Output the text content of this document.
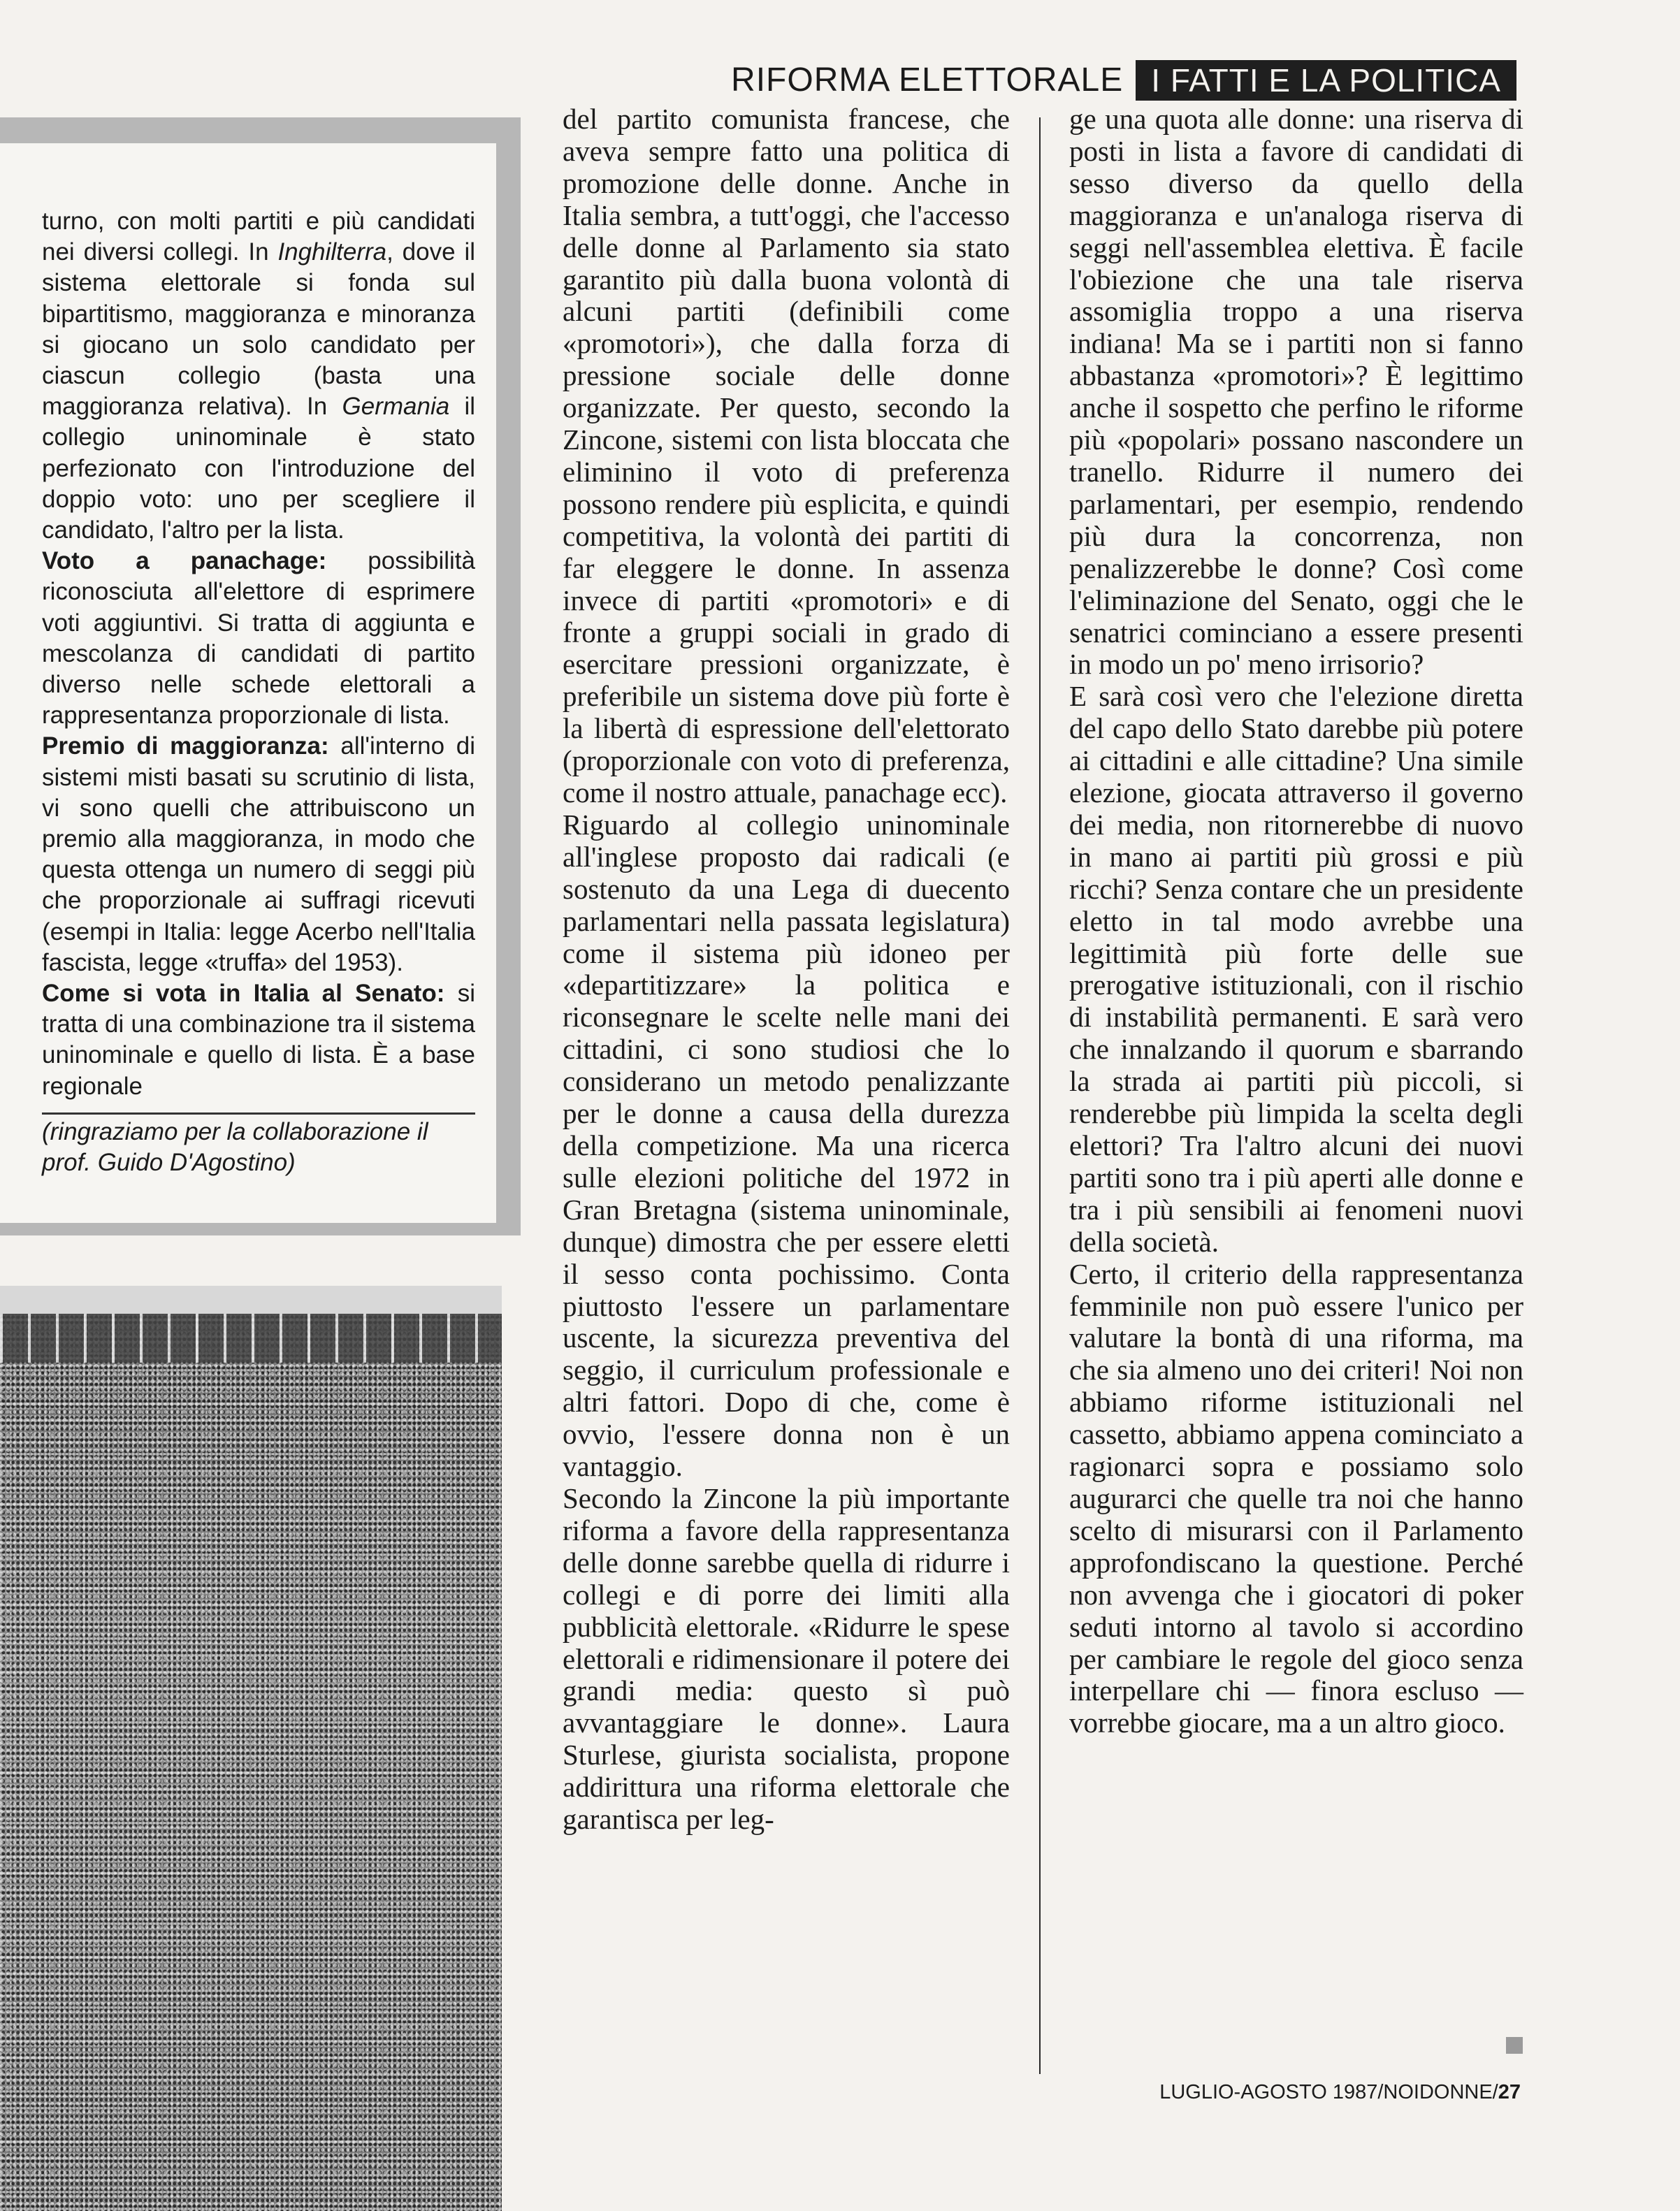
RIFORMA ELETTORALE I FATTI E LA POLITICA

turno, con molti partiti e più candidati nei diversi collegi. In Inghilterra, dove il sistema elettorale si fonda sul bipartitismo, maggioranza e minoranza si giocano un solo candidato per ciascun collegio (basta una maggioranza relativa). In Germania il collegio uninominale è stato perfezionato con l'introduzione del doppio voto: uno per scegliere il candidato, l'altro per la lista.

Voto a panachage: possibilità riconosciuta all'elettore di esprimere voti aggiuntivi. Si tratta di aggiunta e mescolanza di candidati di partito diverso nelle schede elettorali a rappresentanza proporzionale di lista.

Premio di maggioranza: all'interno di sistemi misti basati su scrutinio di lista, vi sono quelli che attribuiscono un premio alla maggioranza, in modo che questa ottenga un numero di seggi più che proporzionale ai suffragi ricevuti (esempi in Italia: legge Acerbo nell'Italia fascista, legge «truffa» del 1953).

Come si vota in Italia al Senato: si tratta di una combinazione tra il sistema uninominale e quello di lista. È a base regionale

(ringraziamo per la collaborazione il prof. Guido D'Agostino)

del partito comunista francese, che aveva sempre fatto una politica di promozione delle donne. Anche in Italia sembra, a tutt'oggi, che l'accesso delle donne al Parlamento sia stato garantito più dalla buona volontà di alcuni partiti (definibili come «promotori»), che dalla forza di pressione sociale delle donne organizzate. Per questo, secondo la Zincone, sistemi con lista bloccata che eliminino il voto di preferenza possono rendere più esplicita, e quindi competitiva, la volontà dei partiti di far eleggere le donne. In assenza invece di partiti «promotori» e di fronte a gruppi sociali in grado di esercitare pressioni organizzate, è preferibile un sistema dove più forte è la libertà di espressione dell'elettorato (proporzionale con voto di preferenza, come il nostro attuale, panachage ecc).

Riguardo al collegio uninominale all'inglese proposto dai radicali (e sostenuto da una Lega di duecento parlamentari nella passata legislatura) come il sistema più idoneo per «departitizzare» la politica e riconsegnare le scelte nelle mani dei cittadini, ci sono studiosi che lo considerano un metodo penalizzante per le donne a causa della durezza della competizione. Ma una ricerca sulle elezioni politiche del 1972 in Gran Bretagna (sistema uninominale, dunque) dimostra che per essere eletti il sesso conta pochissimo. Conta piuttosto l'essere un parlamentare uscente, la sicurezza preventiva del seggio, il curriculum professionale e altri fattori. Dopo di che, come è ovvio, l'essere donna non è un vantaggio.

Secondo la Zincone la più importante riforma a favore della rappresentanza delle donne sarebbe quella di ridurre i collegi e di porre dei limiti alla pubblicità elettorale. «Ridurre le spese elettorali e ridimensionare il potere dei grandi media: questo sì può avvantaggiare le donne». Laura Sturlese, giurista socialista, propone addirittura una riforma elettorale che garantisca per leg-

ge una quota alle donne: una riserva di posti in lista a favore di candidati di sesso diverso da quello della maggioranza e un'analoga riserva di seggi nell'assemblea elettiva. È facile l'obiezione che una tale riserva assomiglia troppo a una riserva indiana! Ma se i partiti non si fanno abbastanza «promotori»? È legittimo anche il sospetto che perfino le riforme più «popolari» possano nascondere un tranello. Ridurre il numero dei parlamentari, per esempio, rendendo più dura la concorrenza, non penalizzerebbe le donne? Così come l'eliminazione del Senato, oggi che le senatrici cominciano a essere presenti in modo un po' meno irrisorio?

E sarà così vero che l'elezione diretta del capo dello Stato darebbe più potere ai cittadini e alle cittadine? Una simile elezione, giocata attraverso il governo dei media, non ritornerebbe di nuovo in mano ai partiti più grossi e più ricchi? Senza contare che un presidente eletto in tal modo avrebbe una legittimità più forte delle sue prerogative istituzionali, con il rischio di instabilità permanenti. E sarà vero che innalzando il quorum e sbarrando la strada ai partiti più piccoli, si renderebbe più limpida la scelta degli elettori? Tra l'altro alcuni dei nuovi partiti sono tra i più aperti alle donne e tra i più sensibili ai fenomeni nuovi della società.

Certo, il criterio della rappresentanza femminile non può essere l'unico per valutare la bontà di una riforma, ma che sia almeno uno dei criteri! Noi non abbiamo riforme istituzionali nel cassetto, abbiamo appena cominciato a ragionarci sopra e possiamo solo augurarci che quelle tra noi che hanno scelto di misurarsi con il Parlamento approfondiscano la questione. Perché non avvenga che i giocatori di poker seduti intorno al tavolo si accordino per cambiare le regole del gioco senza interpellare chi — finora escluso — vorrebbe giocare, ma a un altro gioco.

LUGLIO-AGOSTO 1987/NOIDONNE/27
